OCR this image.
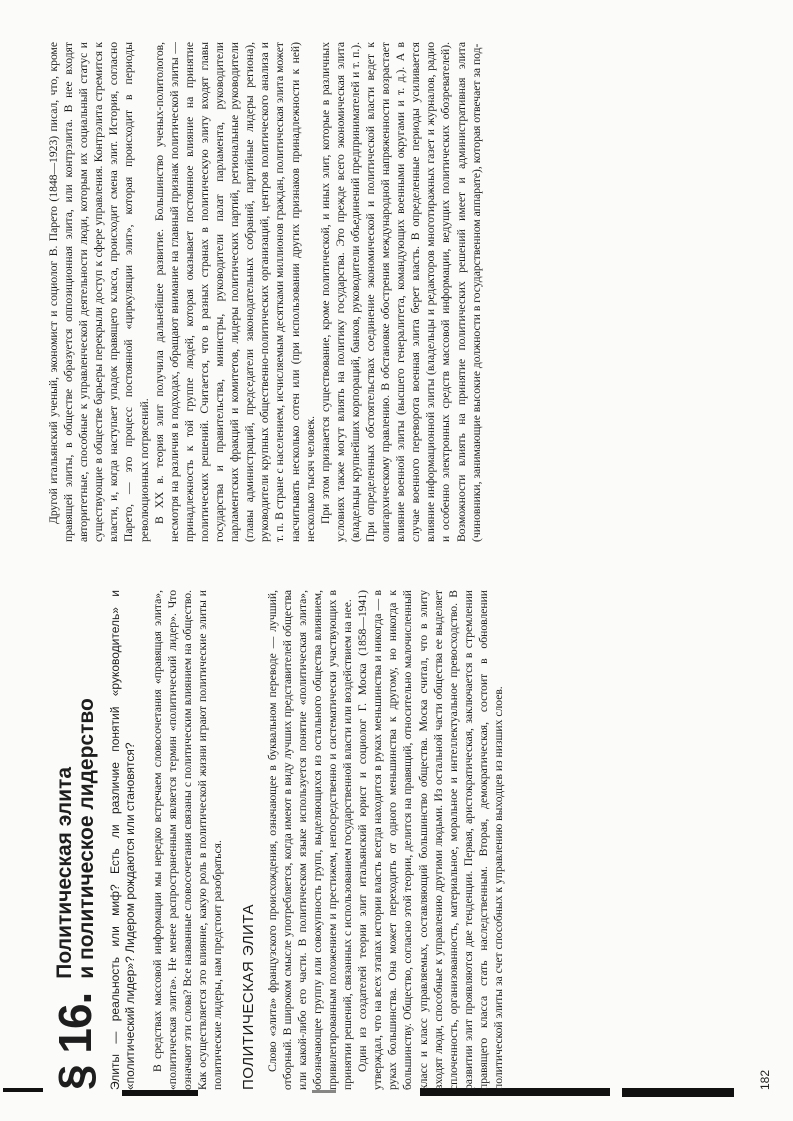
§ 16.
Политическая элита и политическое лидерство Элиты — реальность или миф? Есть ли различие понятий «руководитель» и «политический лидер»? Лидером рождаются или становятся? В средствах массовой информации мы нередко встречаем словосочетания «правящая элита», «политическая элита». Не менее распространенным является термин «политический лидер». Что означают эти слова? Все названные словосочетания связаны с политическим влиянием на общество. Как осуществляется это влияние, какую роль в политической жизни играют политические элиты и политические лидеры, нам предстоит разобраться. ПОЛИТИЧЕСКАЯ ЭЛИТА Слово «элита» французского происхождения, означающее в буквальном переводе — лучший, отборный. В широком смысле употребляется, когда имеют в виду лучших представителей общества или какой-либо его части. В политическом языке используется понятие «политическая элита», обозначающее группу или совокупность групп, выделяющихся из остального общества влиянием, привилегированным положением и престижем, непосредственно и систематически участвующих в принятии решений, связанных с использованием государственной власти или воздействием на нее. Один из создателей теории элит итальянский юрист и социолог Г. Моска (1858—1941) утверждал, что на всех этапах истории власть всегда находится в руках меньшинства и никогда — в руках большинства. Она может переходить от одного меньшинства к другому, но никогда к большинству. Общество, согласно этой теории, делится на правящий, относительно малочисленный класс и класс управляемых, составляющий большинство общества. Моска считал, что в элиту входят люди, способные к управлению другими людьми. Из остальной части общества ее выделяет сплоченность, организованность, материальное, моральное и интеллектуальное превосходство. В развитии элит проявляются две тенденции. Первая, аристократическая, заключается в стремлении правящего класса стать наследственным. Вторая, демократическая, состоит в обновлении политической элиты за счет способных к управлению выходцев из низших слоев.

Другой итальянский ученый, экономист и социолог В. Парето (1848—1923) писал, что, кроме правящей элиты, в обществе образуется оппозиционная элита, или контрэлита. В нее входят авторитетные, способные к управленческой деятельности люди, которым их социальный статус и существующие в обществе барьеры перекрыли доступ к сфере управления. Контрэлита стремится к власти, и, когда наступает упадок правящего класса, происходит смена элит. История, согласно Парето, — это процесс постоянной «циркуляции элит», которая происходит в периоды революционных потрясений. В XX в. теория элит получила дальнейшее развитие. Большинство ученых-политологов, несмотря на различия в подходах, обращают внимание на главный признак политической элиты — принадлежность к той группе людей, которая оказывает постоянное влияние на принятие политических решений. Считается, что в разных странах в политическую элиту входят главы государства и правительства, министры, руководители палат парламента, руководители парламентских фракций и комитетов, лидеры политических партий, региональные руководители (главы администраций, председатели законодательных собраний, партийные лидеры региона), руководители крупных общественно-политических организаций, центров политического анализа и т. п. В стране с населением, исчисляемым десятками миллионов граждан, политическая элита может насчитывать несколько сотен или (при использовании других признаков принадлежности к ней) несколько тысяч человек. При этом признается существование, кроме политической, и иных элит, которые в различных условиях также могут влиять на политику государства. Это прежде всего экономическая элита (владельцы крупнейших корпораций, банков, руководители объединений предпринимателей и т. п.). При определенных обстоятельствах соединение экономической и политической власти ведет к олигархическому правлению. В обстановке обострения международной напряженности возрастает влияние военной элиты (высшего генералитета, командующих военными округами и т. д.). А в случае военного переворота военная элита берет власть. В определенные периоды усиливается влияние информационной элиты (владельцы и редакторов многотиражных газет и журналов, радио и особенно электронных средств массовой информации, ведущих политических обозревателей). Возможности влиять на принятие политических решений имеет и административная элита (чиновники, занимающие высокие должности в государственном аппарате), которая отвечает за под-

182
